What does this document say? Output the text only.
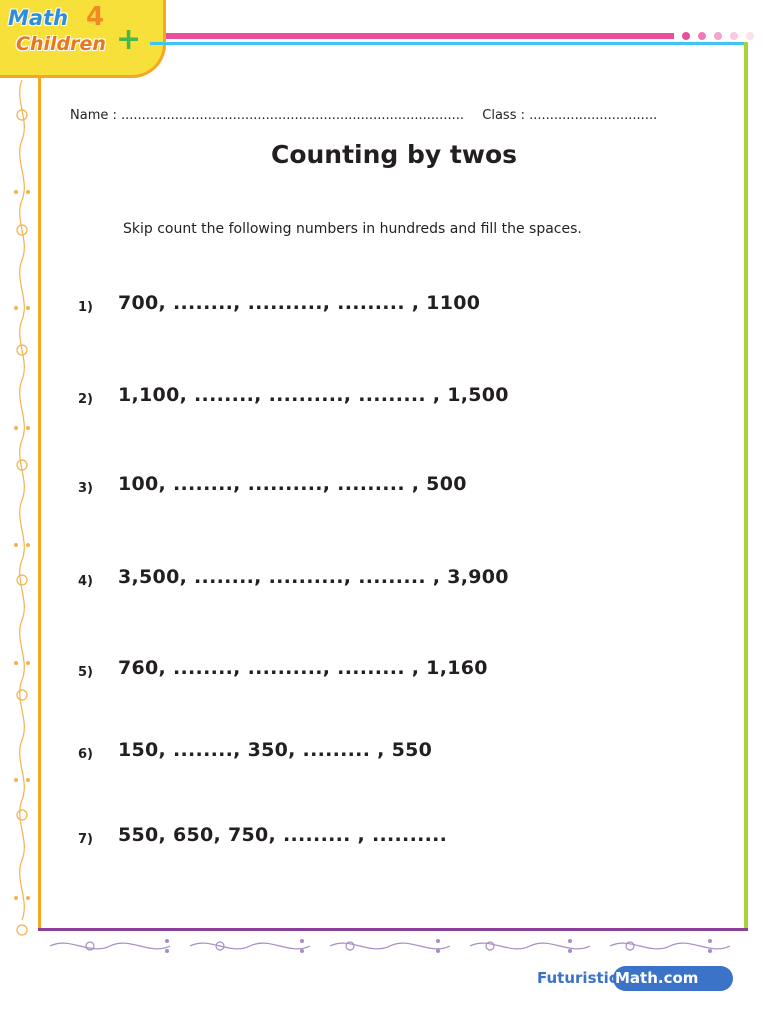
Math 4
Children +
Name : ................................................................................... Class : ...............................
Counting by twos
Skip count the following numbers in hundreds and fill the spaces.
1) 700, ........, .........., ......... , 1100
2) 1,100, ........, .........., ......... , 1,500
3) 100, ........, .........., ......... , 500
4) 3,500, ........, .........., ......... , 3,900
5) 760, ........, .........., ......... , 1,160
6) 150, ........, 350, ......... , 550
7) 550, 650, 750, ......... , ..........
Futuristic
Math.com
